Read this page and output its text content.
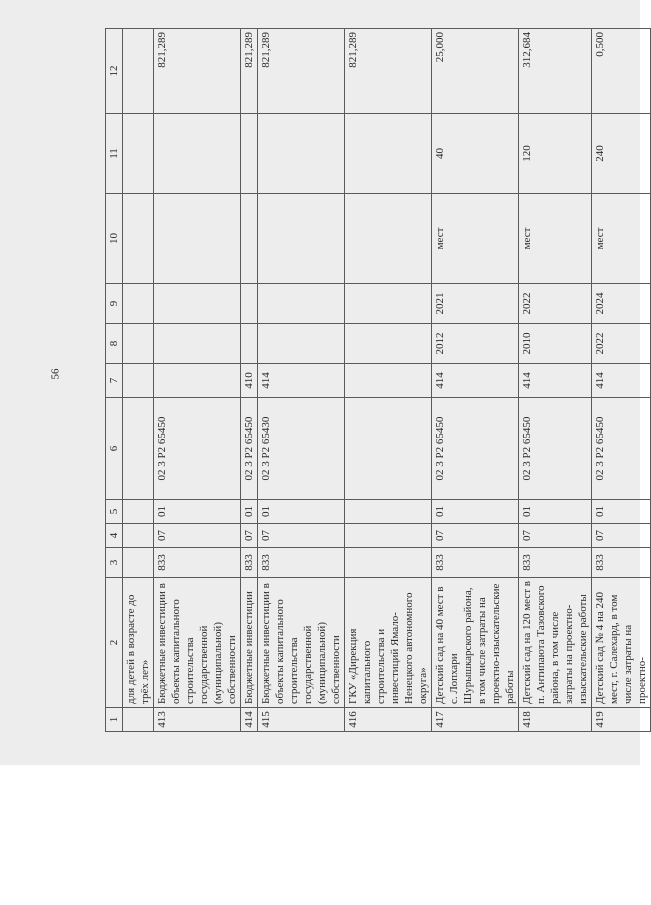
56
1	2	3	4	5	6	7	8	9	10	11	12
	для детей в возрасте до трёх лет»										
413	Бюджетные инвестиции в объекты капитального строительства государственной (муниципальной) собственности	833	07	01	02 3 P2 65450						821,289
414	Бюджетные инвестиции	833	07	01	02 3 P2 65450	410					821,289
415	Бюджетные инвестиции в объекты капитального строительства государственной (муниципальной) собственности	833	07	01	02 3 P2 65430	414					821,289
416	ГКУ «Дирекция капитального строительства и инвестиций Ямало-Ненецкого автономного округа»										821,289
417	Детский сад на 40 мест в с. Лопхари Шурышкарского района, в том числе затраты на проектно-изыскательские работы	833	07	01	02 3 P2 65450	414	2012	2021	мест	40	25,000
418	Детский сад на 120 мест в п. Антипаюта Тазовского района, в том числе затраты на проектно-изыскательские работы	833	07	01	02 3 P2 65450	414	2010	2022	мест	120	312,684
419	Детский сад № 4 на 240 мест, г. Салехард, в том числе затраты на проектно-	833	07	01	02 3 P2 65450	414	2022	2024	мест	240	0,500
